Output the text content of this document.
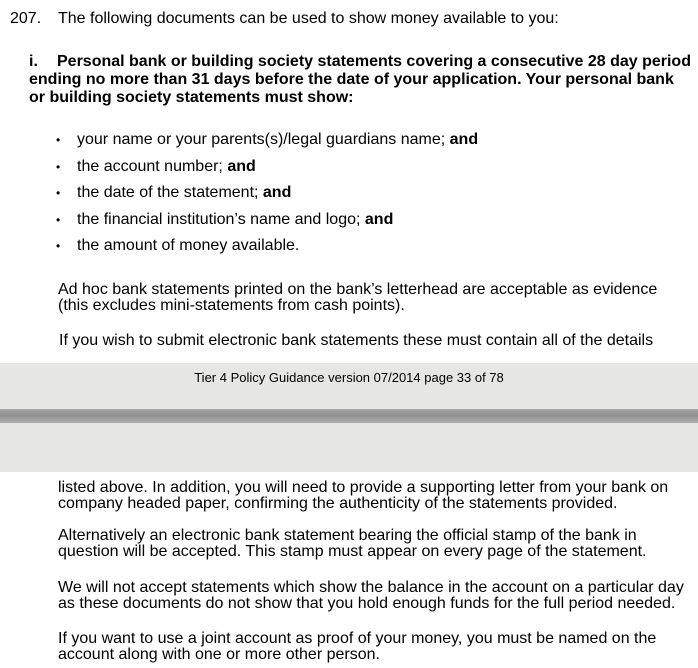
207. The following documents can be used to show money available to you:
i. Personal bank or building society statements covering a consecutive 28 day period ending no more than 31 days before the date of your application. Your personal bank or building society statements must show:
• your name or your parents(s)/legal guardians name; and
• the account number; and
• the date of the statement; and
• the financial institution’s name and logo; and
• the amount of money available.
Ad hoc bank statements printed on the bank’s letterhead are acceptable as evidence (this excludes mini-statements from cash points).
If you wish to submit electronic bank statements these must contain all of the details
Tier 4 Policy Guidance version 07/2014 page 33 of 78
listed above. In addition, you will need to provide a supporting letter from your bank on company headed paper, confirming the authenticity of the statements provided.
Alternatively an electronic bank statement bearing the official stamp of the bank in question will be accepted. This stamp must appear on every page of the statement.
We will not accept statements which show the balance in the account on a particular day as these documents do not show that you hold enough funds for the full period needed.
If you want to use a joint account as proof of your money, you must be named on the account along with one or more other person.
